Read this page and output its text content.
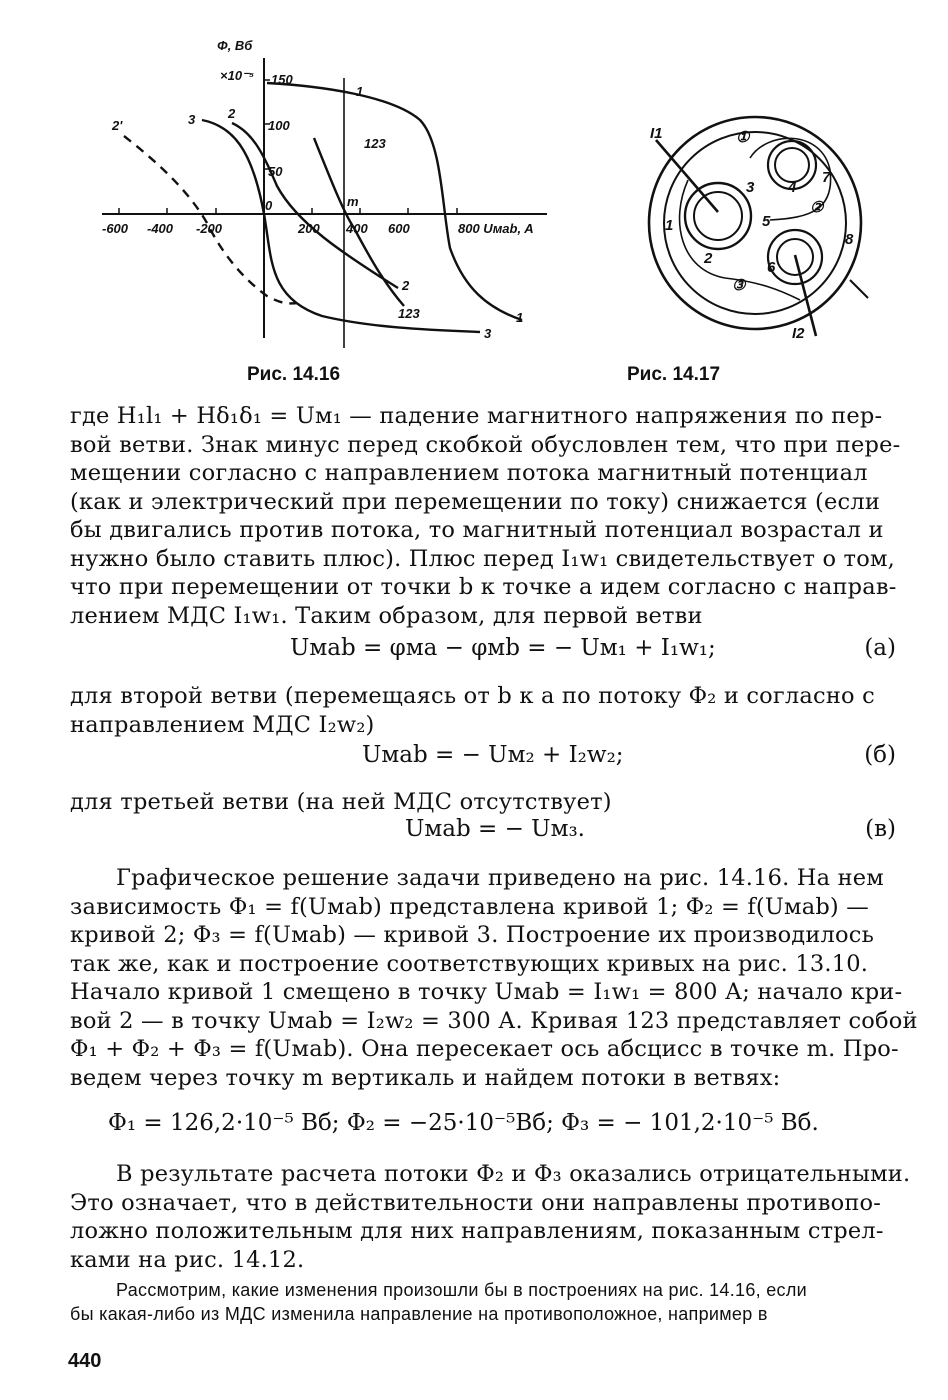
Φ, Вб
×10⁻⁵
800 Uмab, A
-600 -400 -200
0
200 400 600
150
100
50
1
2
3
2'
123
2
123	1
3
m
Рис. 14.16
I1
I2
1
2
3 4
5
6
7
8
①
②
③
Рис. 14.17
где H₁l₁ + Hδ₁δ₁ = Uм₁ — падение магнитного напряжения по пер-
вой ветви. Знак минус перед скобкой обусловлен тем, что при пере-
мещении согласно с направлением потока магнитный потенциал
(как и электрический при перемещении по току) снижается (если
бы двигались против потока, то магнитный потенциал возрастал и
нужно было ставить плюс). Плюс перед I₁w₁ свидетельствует о том,
что при перемещении от точки b к точке a идем согласно с направ-
лением МДС I₁w₁. Таким образом, для первой ветви
Uмab = φмa − φмb = − Uм₁ + I₁w₁;	(а)
для второй ветви (перемещаясь от b к a по потоку Φ₂ и согласно с
направлением МДС I₂w₂)
Uмab = − Uм₂ + I₂w₂;	(б)
для третьей ветви (на ней МДС отсутствует)
Uмab = − Uм₃.	(в)
Графическое решение задачи приведено на рис. 14.16. На нем
зависимость Φ₁ = f(Uмab) представлена кривой 1; Φ₂ = f(Uмab) —
кривой 2; Φ₃ = f(Uмab) — кривой 3. Построение их производилось
так же, как и построение соответствующих кривых на рис. 13.10.
Начало кривой 1 смещено в точку Uмab = I₁w₁ = 800 А; начало кри-
вой 2 — в точку Uмab = I₂w₂ = 300 А. Кривая 123 представляет собой
Φ₁ + Φ₂ + Φ₃ = f(Uмab). Она пересекает ось абсцисс в точке m. Про-
ведем через точку m вертикаль и найдем потоки в ветвях:
Φ₁ = 126,2·10⁻⁵ Вб; Φ₂ = −25·10⁻⁵Вб; Φ₃ = − 101,2·10⁻⁵ Вб.
В результате расчета потоки Φ₂ и Φ₃ оказались отрицательными.
Это означает, что в действительности они направлены противопо-
ложно положительным для них направлениям, показанным стрел-
ками на рис. 14.12.
Рассмотрим, какие изменения произошли бы в построениях на рис. 14.16, если
бы какая-либо из МДС изменила направление на противоположное, например в
440
